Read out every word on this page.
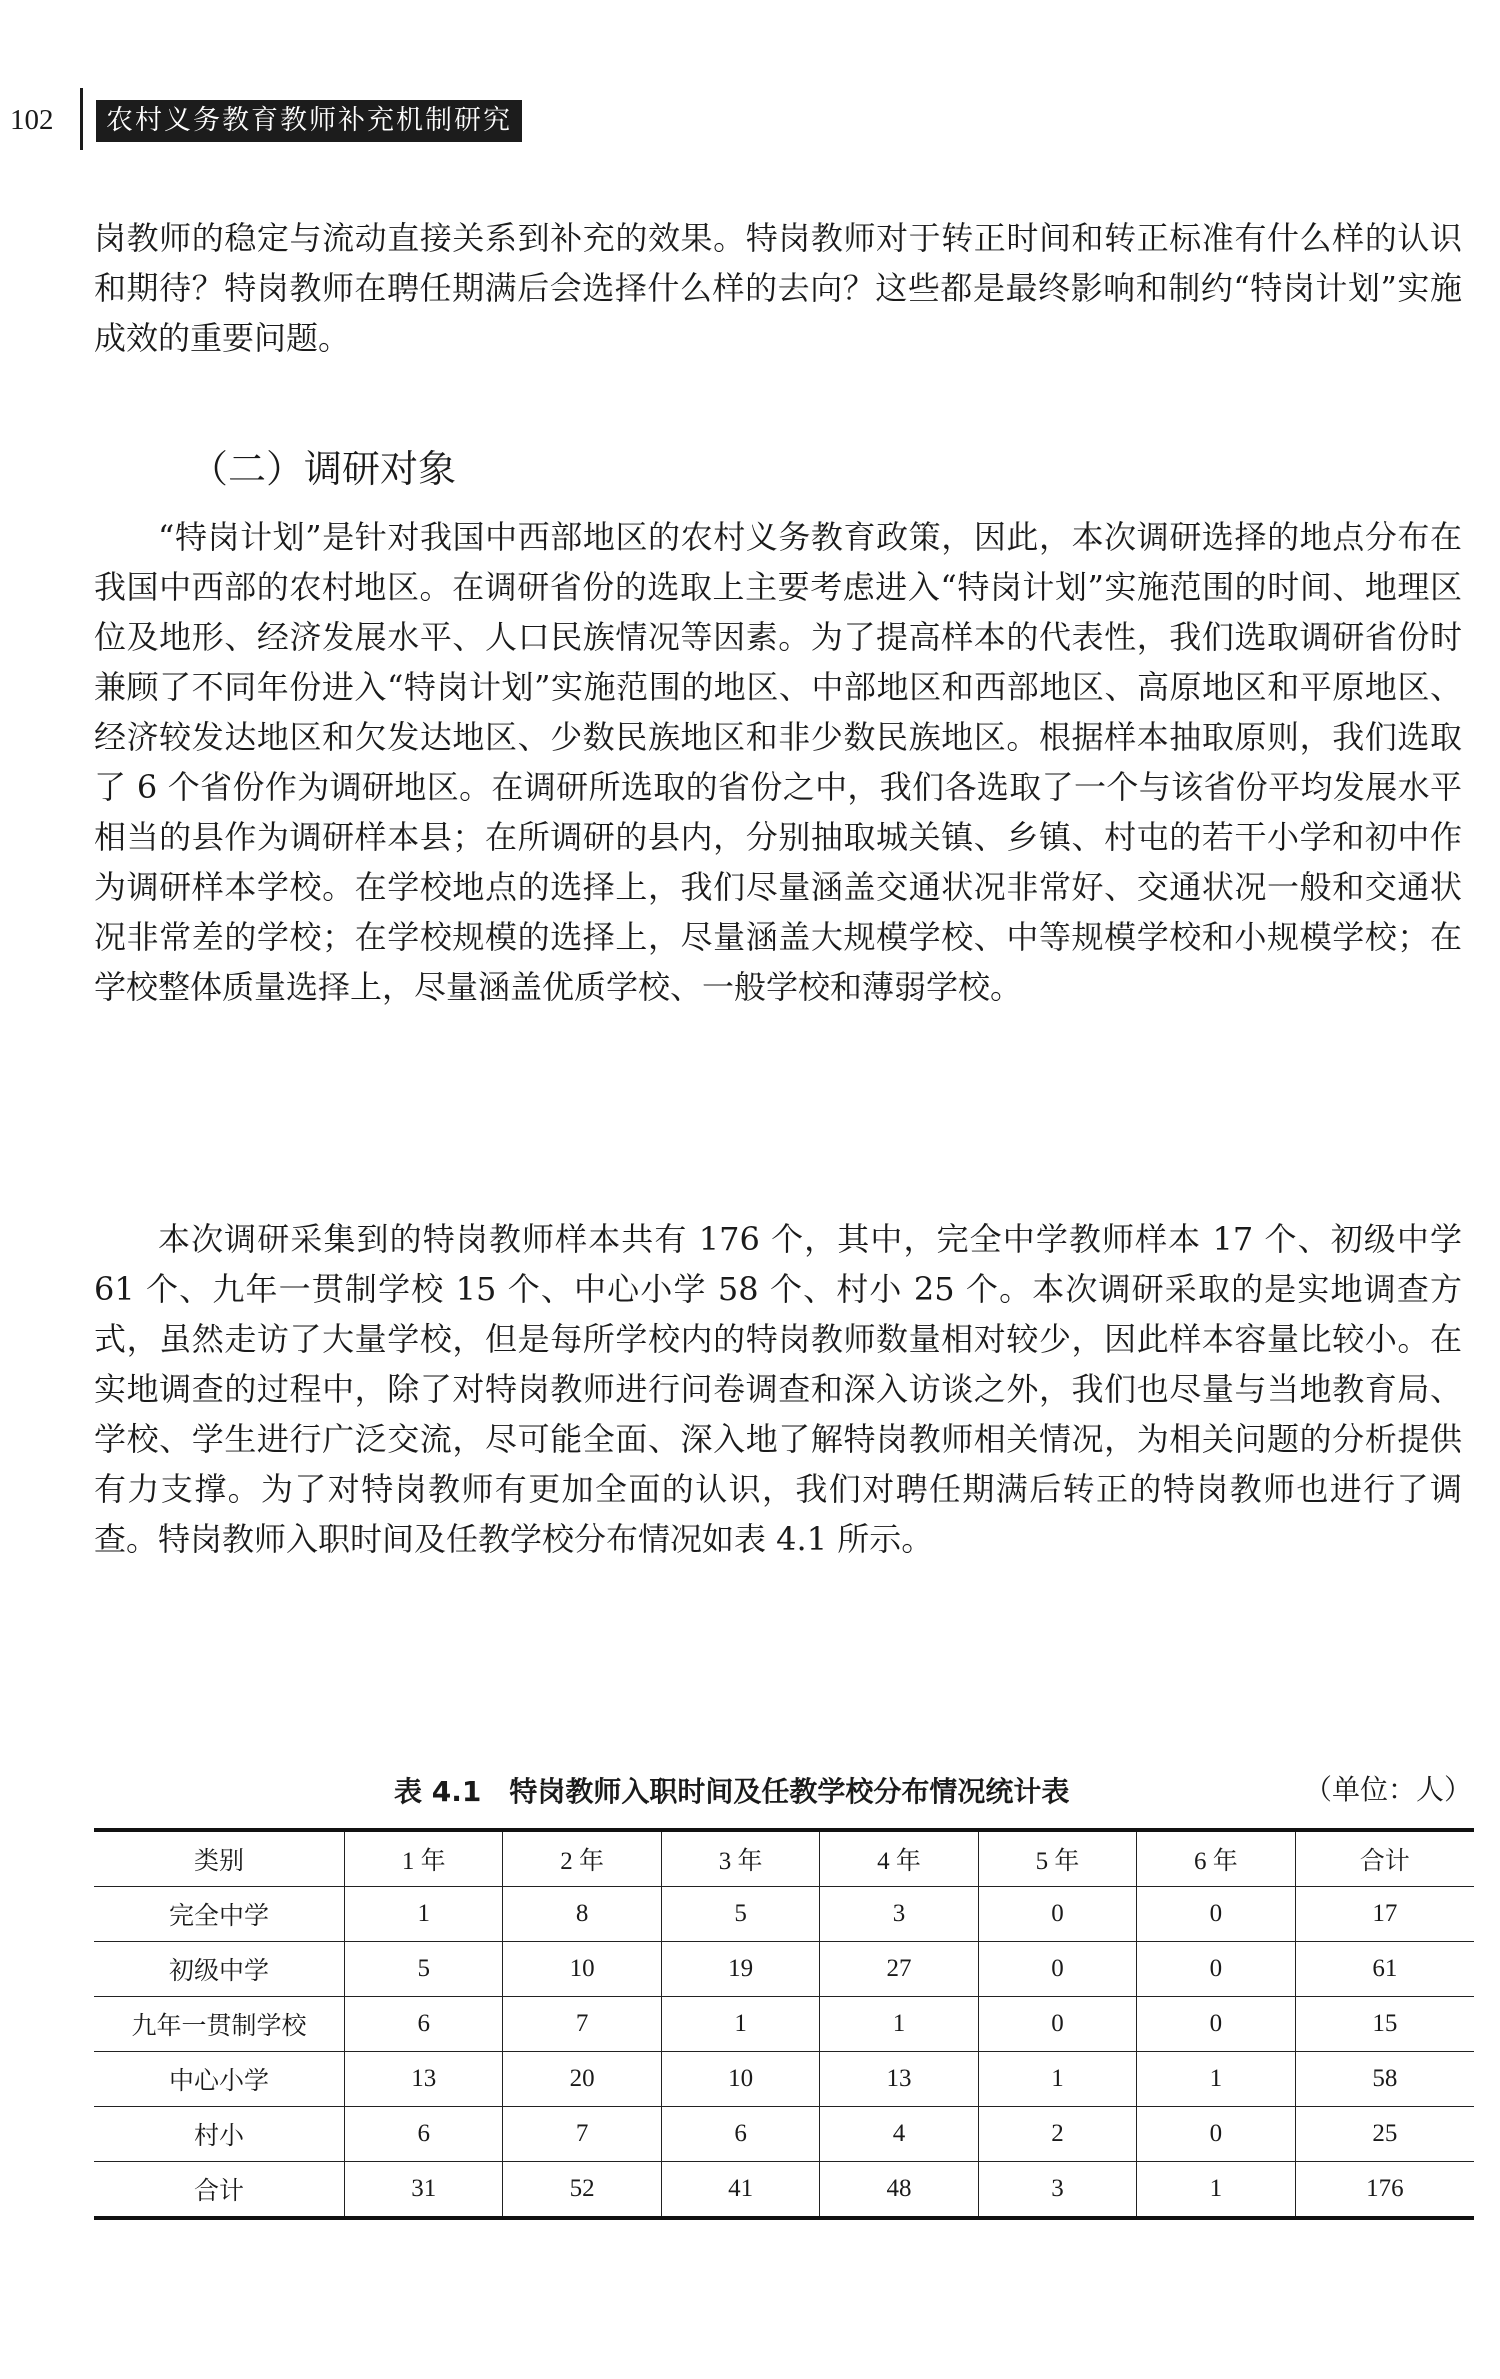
102	农村义务教育教师补充机制研究

岗教师的稳定与流动直接关系到补充的效果。特岗教师对于转正时间和转正标准有什么样的认识和期待？特岗教师在聘任期满后会选择什么样的去向？这些都是最终影响和制约“特岗计划”实施成效的重要问题。

（二）调研对象

“特岗计划”是针对我国中西部地区的农村义务教育政策，因此，本次调研选择的地点分布在我国中西部的农村地区。在调研省份的选取上主要考虑进入“特岗计划”实施范围的时间、地理区位及地形、经济发展水平、人口民族情况等因素。为了提高样本的代表性，我们选取调研省份时兼顾了不同年份进入“特岗计划”实施范围的地区、中部地区和西部地区、高原地区和平原地区、经济较发达地区和欠发达地区、少数民族地区和非少数民族地区。根据样本抽取原则，我们选取了 6 个省份作为调研地区。在调研所选取的省份之中，我们各选取了一个与该省份平均发展水平相当的县作为调研样本县；在所调研的县内，分别抽取城关镇、乡镇、村屯的若干小学和初中作为调研样本学校。在学校地点的选择上，我们尽量涵盖交通状况非常好、交通状况一般和交通状况非常差的学校；在学校规模的选择上，尽量涵盖大规模学校、中等规模学校和小规模学校；在学校整体质量选择上，尽量涵盖优质学校、一般学校和薄弱学校。

本次调研采集到的特岗教师样本共有 176 个，其中，完全中学教师样本 17 个、初级中学 61 个、九年一贯制学校 15 个、中心小学 58 个、村小 25 个。本次调研采取的是实地调查方式，虽然走访了大量学校，但是每所学校内的特岗教师数量相对较少，因此样本容量比较小。在实地调查的过程中，除了对特岗教师进行问卷调查和深入访谈之外，我们也尽量与当地教育局、学校、学生进行广泛交流，尽可能全面、深入地了解特岗教师相关情况，为相关问题的分析提供有力支撑。为了对特岗教师有更加全面的认识，我们对聘任期满后转正的特岗教师也进行了调查。特岗教师入职时间及任教学校分布情况如表 4.1 所示。

表 4.1　特岗教师入职时间及任教学校分布情况统计表	（单位：人）
类别	1 年	2 年	3 年	4 年	5 年	6 年	合计
完全中学	1	8	5	3	0	0	17
初级中学	5	10	19	27	0	0	61
九年一贯制学校	6	7	1	1	0	0	15
中心小学	13	20	10	13	1	1	58
村小	6	7	6	4	2	0	25
合计	31	52	41	48	3	1	176
